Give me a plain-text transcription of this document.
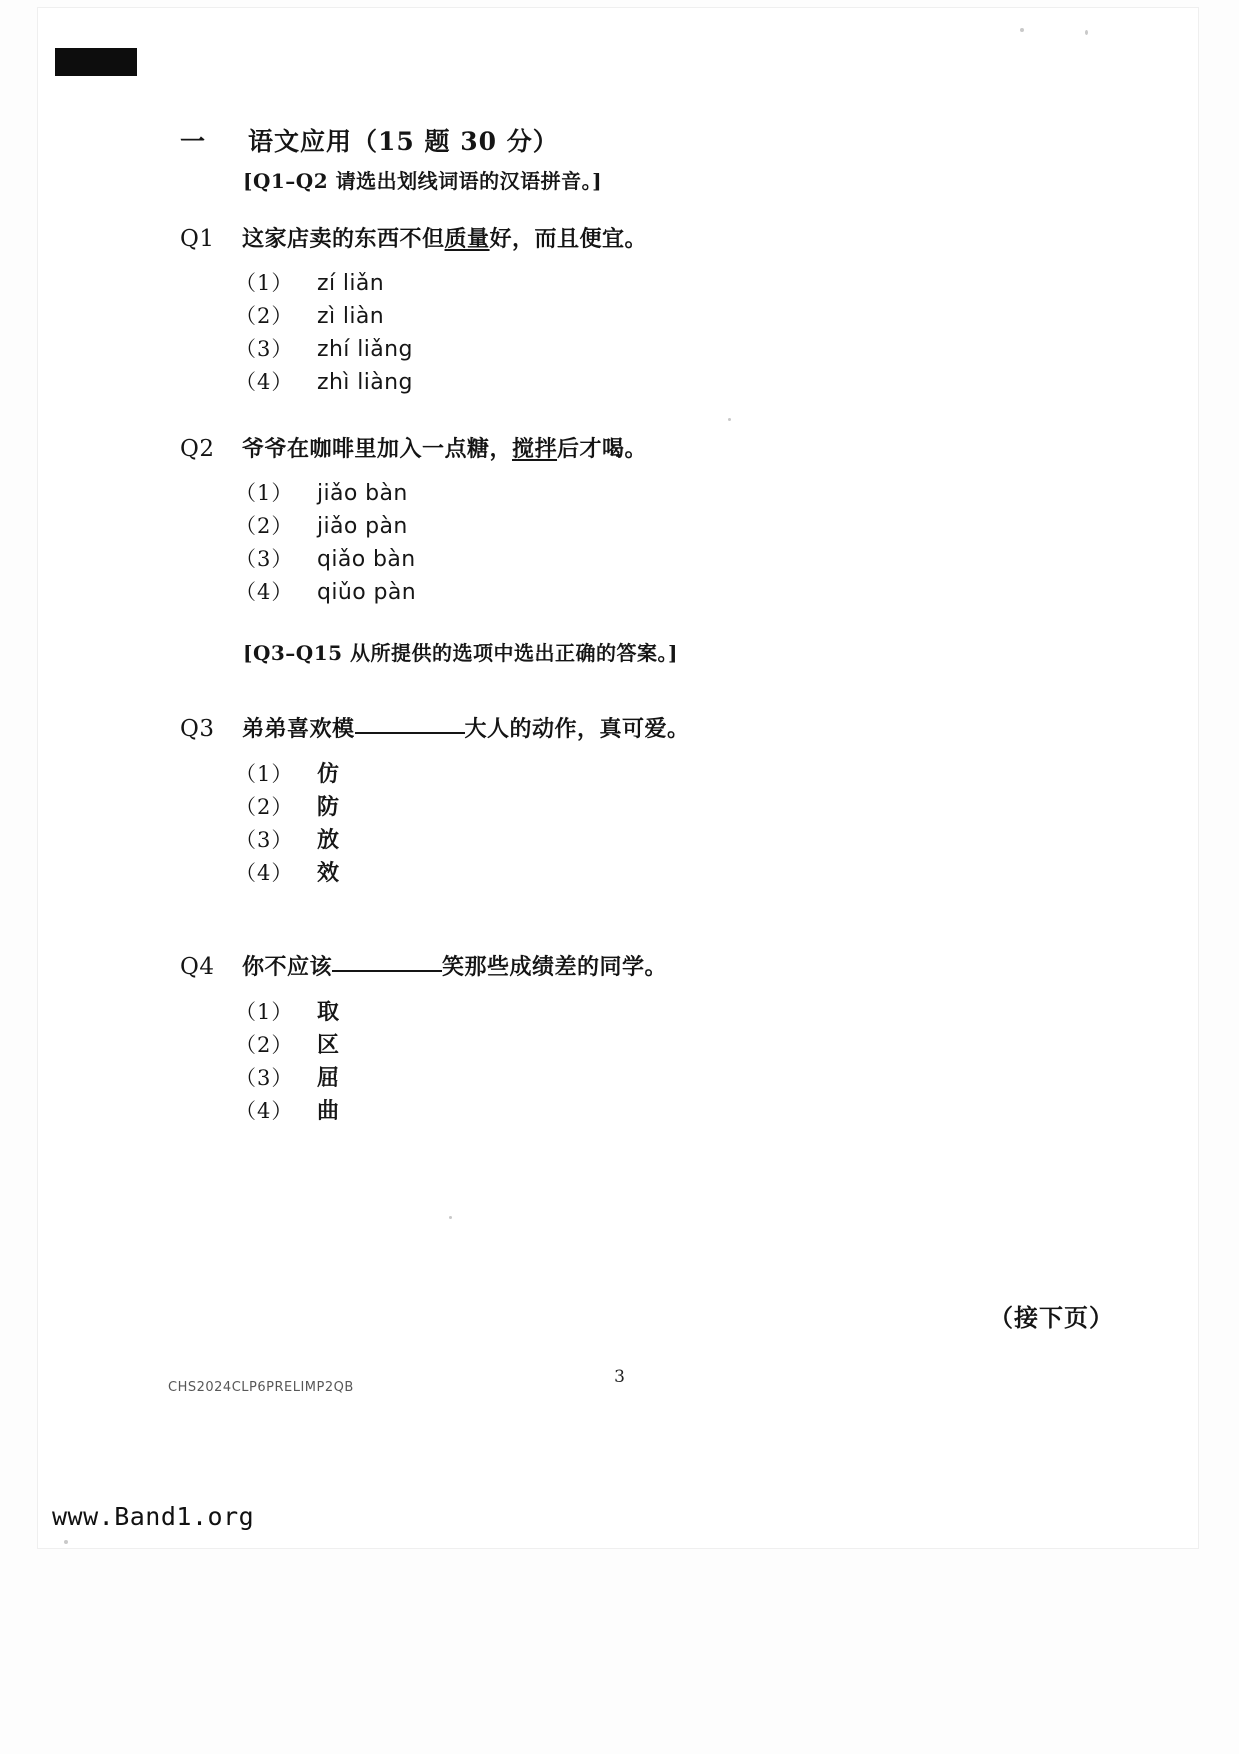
一 语文应用（15 题 30 分）
[Q1–Q2 请选出划线词语的汉语拼音。]
Q1 这家店卖的东西不但质量好，而且便宜。
（1）	zí liǎn
（2）	zì liàn
（3）	zhí liǎng
（4）	zhì liàng
Q2 爷爷在咖啡里加入一点糖，搅拌后才喝。
（1）	jiǎo bàn
（2）	jiǎo pàn
（3）	qiǎo bàn
（4）	qiǔo pàn
[Q3–Q15 从所提供的选项中选出正确的答案。]
Q3 弟弟喜欢模	大人的动作，真可爱。
（1）	仿
（2）	防
（3）	放
（4）	效
Q4 你不应该	笑那些成绩差的同学。
（1）	取
（2）	区
（3）	屈
（4）	曲
（接下页）
3
CHS2024CLP6PRELIMP2QB
www.Band1.org
